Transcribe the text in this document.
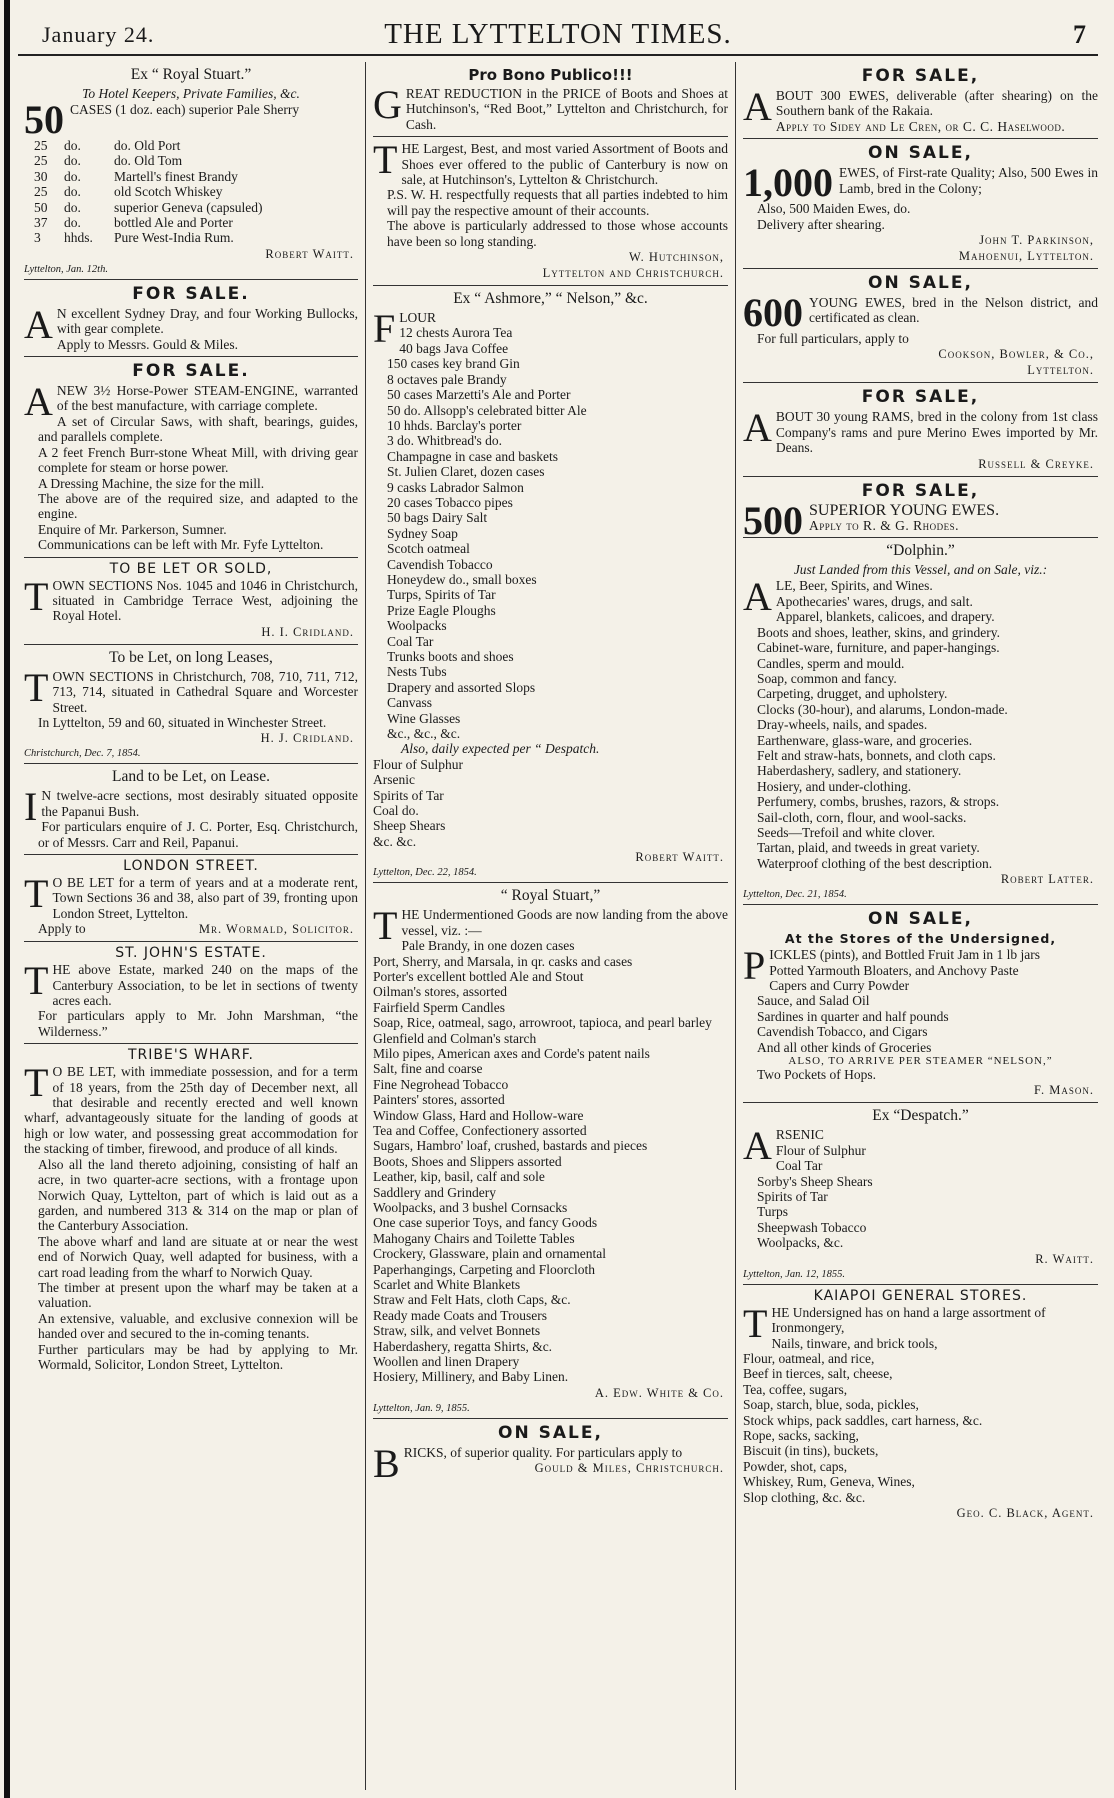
January 24.	THE LYTTELTON TIMES.	7
Ex “ Royal Stuart.”
To Hotel Keepers, Private Families, &c.
50 CASES (1 doz. each) superior Pale Sherry

25	do.	do. Old Port
25	do.	do. Old Tom
30	do.	Martell's finest Brandy
25	do.	old Scotch Whiskey
50	do.	superior Geneva (capsuled)
37	do.	bottled Ale and Porter
3	hhds.	Pure West-India Rum.
Robert Waitt.
Lyttelton, Jan. 12th.
FOR SALE.
A N excellent Sydney Dray, and four Working Bullocks, with gear complete.

Apply to Messrs. Gould & Miles.

FOR SALE.
A NEW 3½ Horse-Power STEAM-ENGINE, warranted of the best manufacture, with carriage complete.

A set of Circular Saws, with shaft, bearings, guides, and parallels complete.

A 2 feet French Burr-stone Wheat Mill, with driving gear complete for steam or horse power.

A Dressing Machine, the size for the mill.

The above are of the required size, and adapted to the engine.

Enquire of Mr. Parkerson, Sumner.

Communications can be left with Mr. Fyfe Lyttelton.

TO BE LET OR SOLD,
T OWN SECTIONS Nos. 1045 and 1046 in Christchurch, situated in Cambridge Terrace West, adjoining the Royal Hotel.

H. I. Cridland.
To be Let, on long Leases,
T OWN SECTIONS in Christchurch, 708, 710, 711, 712, 713, 714, situated in Cathedral Square and Worcester Street.

In Lyttelton, 59 and 60, situated in Winchester Street.

H. J. Cridland.
Christchurch, Dec. 7, 1854.
Land to be Let, on Lease.
I N twelve-acre sections, most desirably situated opposite the Papanui Bush.

For particulars enquire of J. C. Porter, Esq. Christchurch, or of Messrs. Carr and Reil, Papanui.

LONDON STREET.
T O BE LET for a term of years and at a moderate rent, Town Sections 36 and 38, also part of 39, fronting upon London Street, Lyttelton.

Apply to	Mr. Wormald, Solicitor.
ST. JOHN'S ESTATE.
T HE above Estate, marked 240 on the maps of the Canterbury Association, to be let in sections of twenty acres each.

For particulars apply to Mr. John Marshman, “the Wilderness.”

TRIBE'S WHARF.
T O BE LET, with immediate possession, and for a term of 18 years, from the 25th day of December next, all that desirable and recently erected and well known wharf, advantageously situate for the landing of goods at high or low water, and possessing great accommodation for the stacking of timber, firewood, and produce of all kinds.

Also all the land thereto adjoining, consisting of half an acre, in two quarter-acre sections, with a frontage upon Norwich Quay, Lyttelton, part of which is laid out as a garden, and numbered 313 & 314 on the map or plan of the Canterbury Association.

The above wharf and land are situate at or near the west end of Norwich Quay, well adapted for business, with a cart road leading from the wharf to Norwich Quay.

The timber at present upon the wharf may be taken at a valuation.

An extensive, valuable, and exclusive connexion will be handed over and secured to the in-coming tenants.

Further particulars may be had by applying to Mr. Wormald, Solicitor, London Street, Lyttelton.

Pro Bono Publico!!!
G REAT REDUCTION in the PRICE of Boots and Shoes at Hutchinson's, “Red Boot,” Lyttelton and Christchurch, for Cash.

T HE Largest, Best, and most varied Assortment of Boots and Shoes ever offered to the public of Canterbury is now on sale, at Hutchinson's, Lyttelton & Christchurch.

P.S. W. H. respectfully requests that all parties indebted to him will pay the respective amount of their accounts.

The above is particularly addressed to those whose accounts have been so long standing.

W. Hutchinson,
Lyttelton and Christchurch.
Ex “ Ashmore,” “ Nelson,” &c.
F LOUR

12 chests Aurora Tea

40 bags Java Coffee

150 cases key brand Gin

8 octaves pale Brandy

50 cases Marzetti's Ale and Porter

50 do. Allsopp's celebrated bitter Ale

10 hhds. Barclay's porter

3 do. Whitbread's do.

Champagne in case and baskets

St. Julien Claret, dozen cases

9 casks Labrador Salmon

20 cases Tobacco pipes

50 bags Dairy Salt

Sydney Soap

Scotch oatmeal

Cavendish Tobacco

Honeydew do., small boxes

Turps, Spirits of Tar

Prize Eagle Ploughs

Woolpacks

Coal Tar

Trunks boots and shoes

Nests Tubs

Drapery and assorted Slops

Canvass

Wine Glasses

&c., &c., &c.

Also, daily expected per “ Despatch.

Flour of Sulphur

Arsenic

Spirits of Tar

Coal do.

Sheep Shears

&c. &c.

Robert Waitt.
Lyttelton, Dec. 22, 1854.
“ Royal Stuart,”
T HE Undermentioned Goods are now landing from the above vessel, viz. :—

Pale Brandy, in one dozen cases

Port, Sherry, and Marsala, in qr. casks and cases

Porter's excellent bottled Ale and Stout

Oilman's stores, assorted

Fairfield Sperm Candles

Soap, Rice, oatmeal, sago, arrowroot, tapioca, and pearl barley

Glenfield and Colman's starch

Milo pipes, American axes and Corde's patent nails

Salt, fine and coarse

Fine Negrohead Tobacco

Painters' stores, assorted

Window Glass, Hard and Hollow-ware

Tea and Coffee, Confectionery assorted

Sugars, Hambro' loaf, crushed, bastards and pieces

Boots, Shoes and Slippers assorted

Leather, kip, basil, calf and sole

Saddlery and Grindery

Woolpacks, and 3 bushel Cornsacks

One case superior Toys, and fancy Goods

Mahogany Chairs and Toilette Tables

Crockery, Glassware, plain and ornamental

Paperhangings, Carpeting and Floorcloth

Scarlet and White Blankets

Straw and Felt Hats, cloth Caps, &c.

Ready made Coats and Trousers

Straw, silk, and velvet Bonnets

Haberdashery, regatta Shirts, &c.

Woollen and linen Drapery

Hosiery, Millinery, and Baby Linen.

A. Edw. White & Co.
Lyttelton, Jan. 9, 1855.
ON SALE,
B RICKS, of superior quality. For particulars apply to

Gould & Miles, Christchurch.
FOR SALE,
A BOUT 300 EWES, deliverable (after shearing) on the Southern bank of the Rakaia.

Apply to Sidey and Le Cren, or C. C. Haselwood.

ON SALE,
1,000 EWES, of First-rate Quality; Also, 500 Ewes in Lamb, bred in the Colony;

Also, 500 Maiden Ewes, do.

Delivery after shearing.

John T. Parkinson,
Mahoenui, Lyttelton.
ON SALE,
600 YOUNG EWES, bred in the Nelson district, and certificated as clean.

For full particulars, apply to

Cookson, Bowler, & Co.,
Lyttelton.
FOR SALE,
A BOUT 30 young RAMS, bred in the colony from 1st class Company's rams and pure Merino Ewes imported by Mr. Deans.

Russell & Creyke.
FOR SALE,
500 SUPERIOR YOUNG EWES.

Apply to R. & G. Rhodes.

“Dolphin.”
Just Landed from this Vessel, and on Sale, viz.:
A LE, Beer, Spirits, and Wines.

Apothecaries' wares, drugs, and salt.

Apparel, blankets, calicoes, and drapery.

Boots and shoes, leather, skins, and grindery.

Cabinet-ware, furniture, and paper-hangings.

Candles, sperm and mould.

Soap, common and fancy.

Carpeting, drugget, and upholstery.

Clocks (30-hour), and alarums, London-made.

Dray-wheels, nails, and spades.

Earthenware, glass-ware, and groceries.

Felt and straw-hats, bonnets, and cloth caps.

Haberdashery, sadlery, and stationery.

Hosiery, and under-clothing.

Perfumery, combs, brushes, razors, & strops.

Sail-cloth, corn, flour, and wool-sacks.

Seeds—Trefoil and white clover.

Tartan, plaid, and tweeds in great variety.

Waterproof clothing of the best description.

Robert Latter.
Lyttelton, Dec. 21, 1854.
ON SALE,
At the Stores of the Undersigned,
P ICKLES (pints), and Bottled Fruit Jam in 1 lb jars

Potted Yarmouth Bloaters, and Anchovy Paste

Capers and Curry Powder

Sauce, and Salad Oil

Sardines in quarter and half pounds

Cavendish Tobacco, and Cigars

And all other kinds of Groceries

ALSO, TO ARRIVE PER STEAMER “NELSON,”

Two Pockets of Hops.

F. Mason.
Ex “Despatch.”
A RSENIC

Flour of Sulphur

Coal Tar

Sorby's Sheep Shears

Spirits of Tar

Turps

Sheepwash Tobacco

Woolpacks, &c.

R. Waitt.
Lyttelton, Jan. 12, 1855.
KAIAPOI GENERAL STORES.
T HE Undersigned has on hand a large assortment of

Ironmongery,

Nails, tinware, and brick tools,

Flour, oatmeal, and rice,

Beef in tierces, salt, cheese,

Tea, coffee, sugars,

Soap, starch, blue, soda, pickles,

Stock whips, pack saddles, cart harness, &c.

Rope, sacks, sacking,

Biscuit (in tins), buckets,

Powder, shot, caps,

Whiskey, Rum, Geneva, Wines,

Slop clothing, &c. &c.

Geo. C. Black, Agent.
